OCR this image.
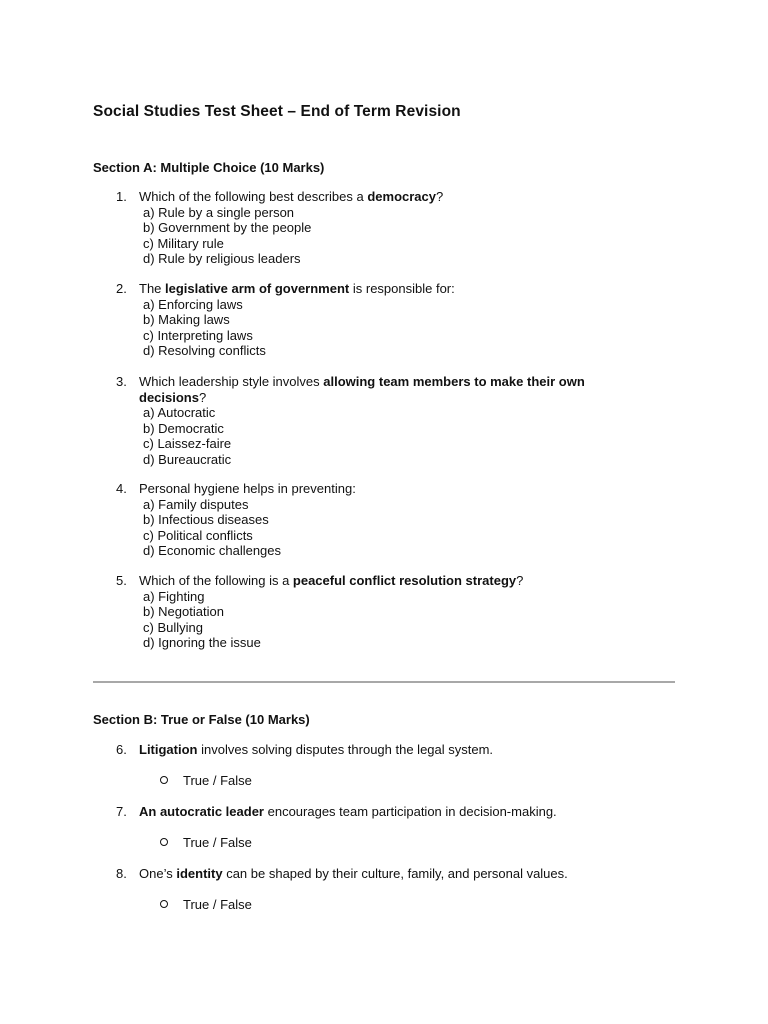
Social Studies Test Sheet – End of Term Revision
Section A: Multiple Choice (10 Marks)
1. Which of the following best describes a democracy?
a) Rule by a single person
b) Government by the people
c) Military rule
d) Rule by religious leaders
2. The legislative arm of government is responsible for:
a) Enforcing laws
b) Making laws
c) Interpreting laws
d) Resolving conflicts
3. Which leadership style involves allowing team members to make their own decisions?
a) Autocratic
b) Democratic
c) Laissez-faire
d) Bureaucratic
4. Personal hygiene helps in preventing:
a) Family disputes
b) Infectious diseases
c) Political conflicts
d) Economic challenges
5. Which of the following is a peaceful conflict resolution strategy?
a) Fighting
b) Negotiation
c) Bullying
d) Ignoring the issue
Section B: True or False (10 Marks)
6. Litigation involves solving disputes through the legal system.
True / False
7. An autocratic leader encourages team participation in decision-making.
True / False
8. One’s identity can be shaped by their culture, family, and personal values.
True / False
